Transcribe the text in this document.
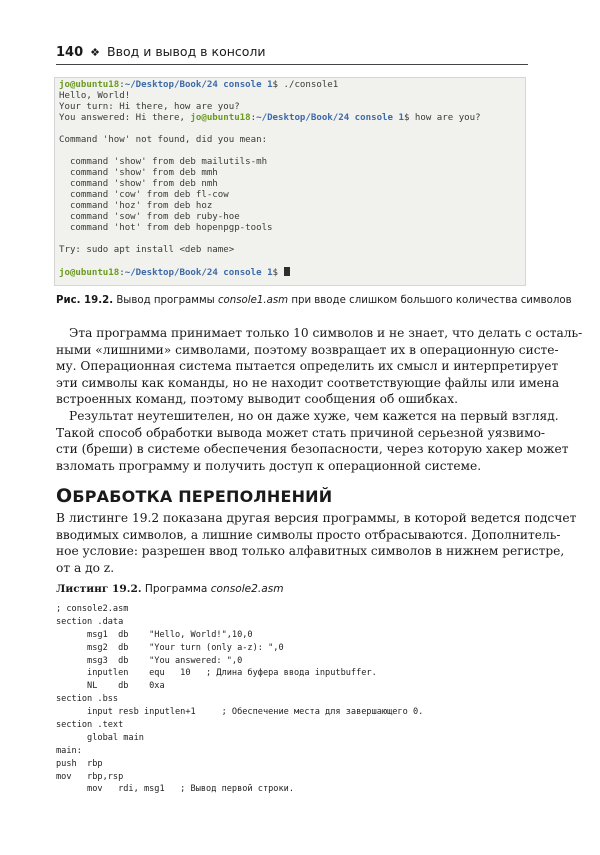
140 ❖ Ввод и вывод в консоли
jo@ubuntu18:~/Desktop/Book/24 console 1$ ./console1
Hello, World!
Your turn: Hi there, how are you?
You answered: Hi there, jo@ubuntu18:~/Desktop/Book/24 console 1$ how are you?
Command 'how' not found, did you mean:
command 'show' from deb mailutils-mh
command 'show' from deb mmh
command 'show' from deb nmh
command 'cow' from deb fl-cow
command 'hoz' from deb hoz
command 'sow' from deb ruby-hoe
command 'hot' from deb hopenpgp-tools
Try: sudo apt install <deb name>
jo@ubuntu18:~/Desktop/Book/24 console 1$
Рис. 19.2. Вывод программы console1.asm при вводе слишком большого количества символов
Эта программа принимает только 10 символов и не знает, что делать с осталь-
ными «лишними» символами, поэтому возвращает их в операционную систе-
му. Операционная система пытается определить их смысл и интерпретирует
эти символы как команды, но не находит соответствующие файлы или имена
встроенных команд, поэтому выводит сообщения об ошибках.
Результат неутешителен, но он даже хуже, чем кажется на первый взгляд.
Такой способ обработки вывода может стать причиной серьезной уязвимо-
сти (бреши) в системе обеспечения безопасности, через которую хакер может
взломать программу и получить доступ к операционной системе.
ОБРАБОТКА ПЕРЕПОЛНЕНИЙ
В листинге 19.2 показана другая версия программы, в которой ведется подсчет
вводимых символов, а лишние символы просто отбрасываются. Дополнитель-
ное условие: разрешен ввод только алфавитных символов в нижнем регистре,
от a до z.
Листинг 19.2. Программа console2.asm
; console2.asm
section .data
msg1  db    "Hello, World!",10,0
msg2  db    "Your turn (only a-z): ",0
msg3  db    "You answered: ",0
inputlen    equ   10   ; Длина буфера ввода inputbuffer.
NL    db    0xa
section .bss
input resb inputlen+1     ; Обеспечение места для завершающего 0.
section .text
global main
main:
push  rbp
mov   rbp,rsp
mov   rdi, msg1   ; Вывод первой строки.
